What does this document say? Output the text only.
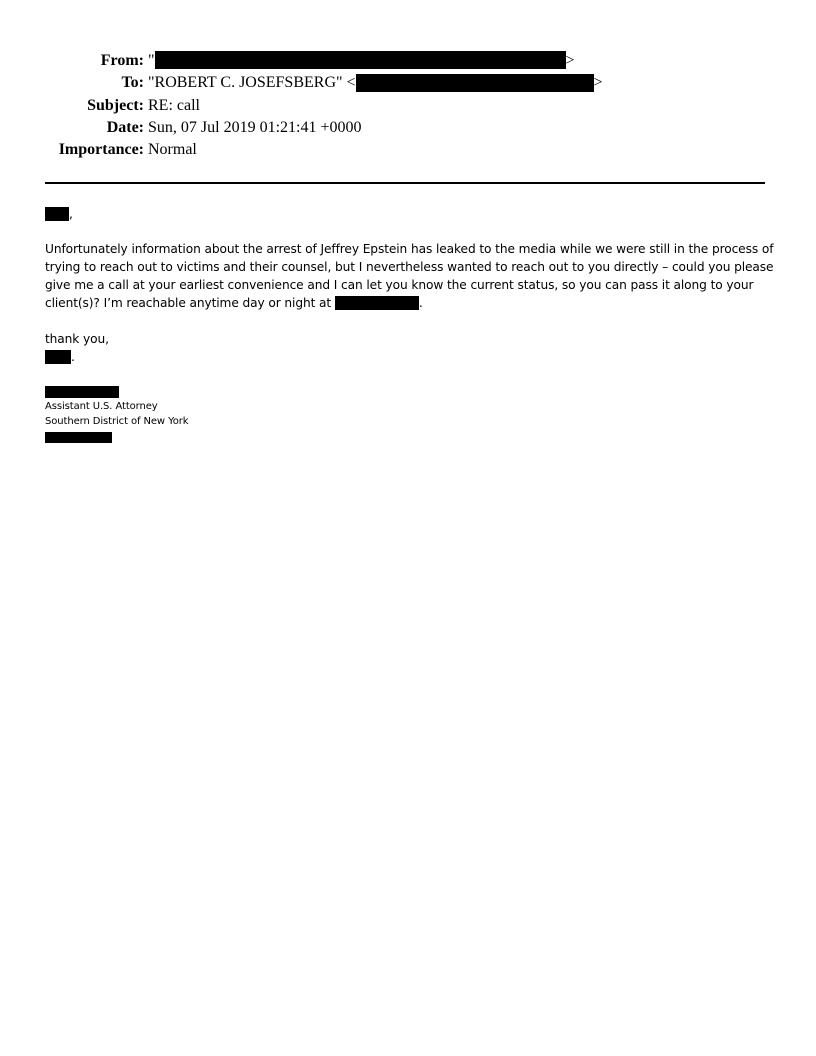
From: "	>
To: "ROBERT C. JOSEFSBERG" <	>
Subject: RE: call
Date: Sun, 07 Jul 2019 01:21:41 +0000
Importance: Normal
,
Unfortunately information about the arrest of Jeffrey Epstein has leaked to the media while we were still in the process of
trying to reach out to victims and their counsel, but I nevertheless wanted to reach out to you directly – could you please
give me a call at your earliest convenience and I can let you know the current status, so you can pass it along to your
client(s)? I’m reachable anytime day or night at	.
thank you,
.
Assistant U.S. Attorney
Southern District of New York
